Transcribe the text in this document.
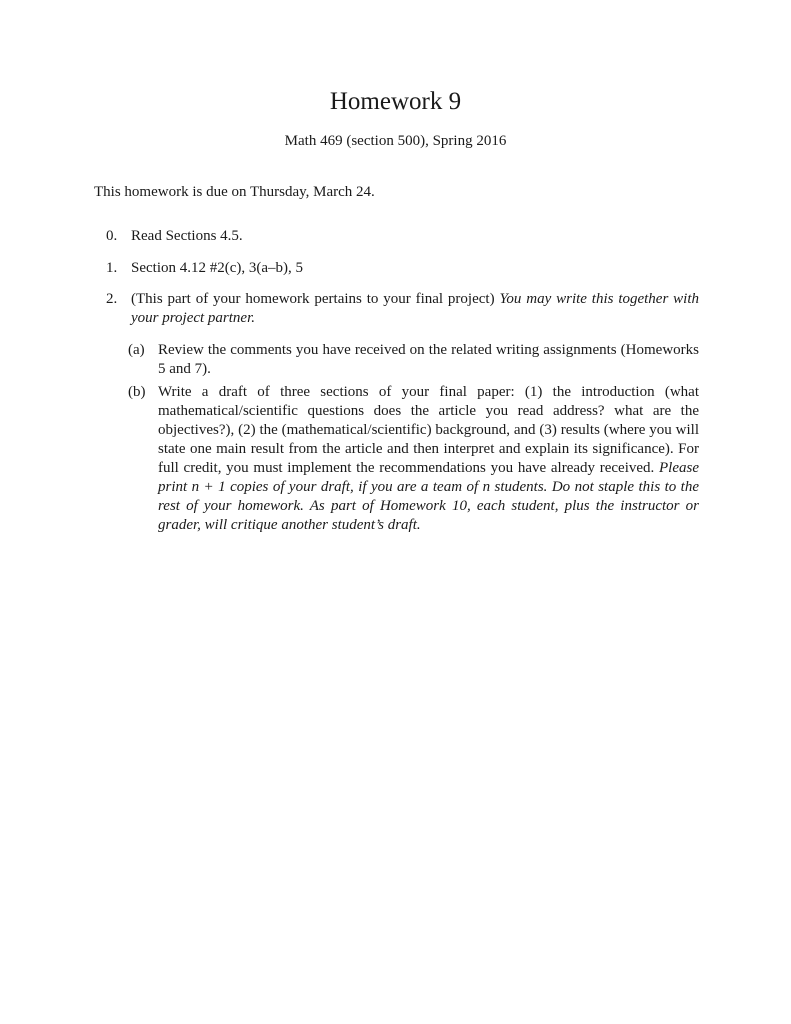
Homework 9
Math 469 (section 500), Spring 2016
This homework is due on Thursday, March 24.
0. Read Sections 4.5.
1. Section 4.12 #2(c), 3(a–b), 5
2. (This part of your homework pertains to your final project) You may write this together with your project partner.
(a) Review the comments you have received on the related writing assignments (Homeworks 5 and 7).
(b) Write a draft of three sections of your final paper: (1) the introduction (what mathematical/scientific questions does the article you read address? what are the objectives?), (2) the (mathematical/scientific) background, and (3) results (where you will state one main result from the article and then interpret and explain its significance). For full credit, you must implement the recommendations you have already received. Please print n + 1 copies of your draft, if you are a team of n students. Do not staple this to the rest of your homework. As part of Homework 10, each student, plus the instructor or grader, will critique another student’s draft.
